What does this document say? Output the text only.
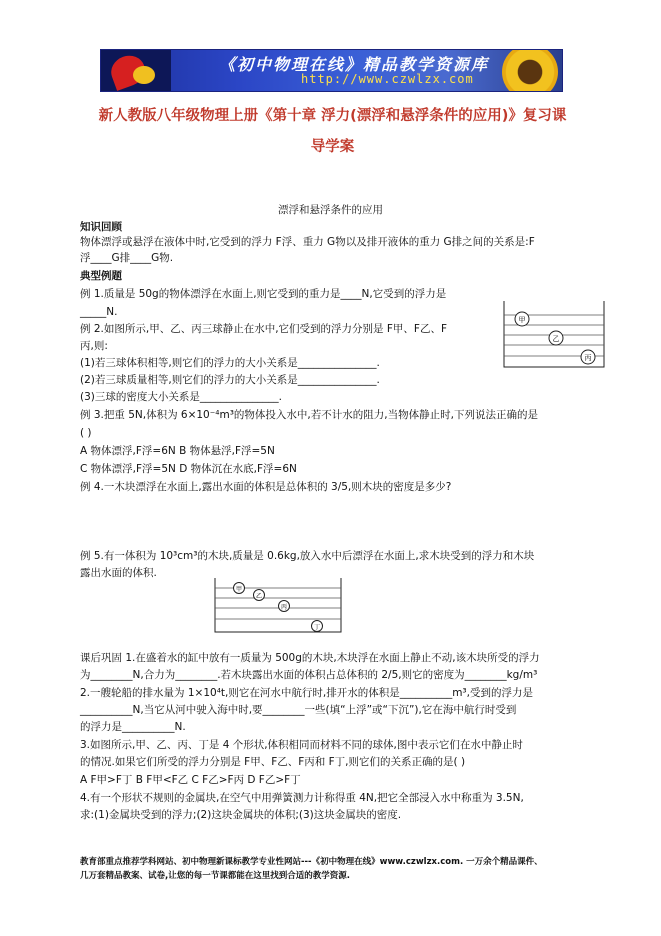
《初中物理在线》精品教学资源库
http://www.czwlzx.com
新人教版八年级物理上册《第十章 浮力(漂浮和悬浮条件的应用)》复习课
导学案
漂浮和悬浮条件的应用
知识回顾
物体漂浮或悬浮在液体中时,它受到的浮力 F浮、重力 G物以及排开液体的重力 G排之间的关系是:F
浮____G排____G物.
典型例题
例 1.质量是 50g的物体漂浮在水面上,则它受到的重力是____N,它受到的浮力是
_____N.
例 2.如图所示,甲、乙、丙三球静止在水中,它们受到的浮力分别是 F甲、F乙、F
丙,则:
(1)若三球体积相等,则它们的浮力的大小关系是_______________.
(2)若三球质量相等,则它们的浮力的大小关系是_______________.
(3)三球的密度大小关系是_______________.
例 3.把重 5N,体积为 6×10⁻⁴m³的物体投入水中,若不计水的阻力,当物体静止时,下列说法正确的是
( )
A 物体漂浮,F浮=6N B 物体悬浮,F浮=5N
C 物体漂浮,F浮=5N D 物体沉在水底,F浮=6N
例 4.一木块漂浮在水面上,露出水面的体积是总体积的 3/5,则木块的密度是多少?
例 5.有一体积为 10³cm³的木块,质量是 0.6kg,放入水中后漂浮在水面上,求木块受到的浮力和木块
露出水面的体积.
课后巩固 1.在盛着水的缸中放有一质量为 500g的木块,木块浮在水面上静止不动,该木块所受的浮力
为________N,合力为________.若木块露出水面的体积占总体积的 2/5,则它的密度为________kg/m³
2.一艘轮船的排水量为 1×10⁴t,则它在河水中航行时,排开水的体积是__________m³,受到的浮力是
__________N,当它从河中驶入海中时,要________一些(填“上浮”或“下沉”),它在海中航行时受到
的浮力是__________N.
3.如图所示,甲、乙、丙、丁是 4 个形状,体积相同而材料不同的球体,图中表示它们在水中静止时
的情况.如果它们所受的浮力分别是 F甲、F乙、F丙和 F丁,则它们的关系正确的是( )
A F甲>F丁 B F甲<F乙 C F乙>F丙 D F乙>F丁
4.有一个形状不规则的金属块,在空气中用弹簧测力计称得重 4N,把它全部浸入水中称重为 3.5N,
求:(1)金属块受到的浮力;(2)这块金属块的体积;(3)这块金属块的密度.
甲
乙
丙
甲
乙
丙
丁
教育部重点推荐学科网站、初中物理新课标教学专业性网站---《初中物理在线》www.czwlzx.com. 一万余个精品课件、
几万套精品教案、试卷,让您的每一节课都能在这里找到合适的教学资源.
